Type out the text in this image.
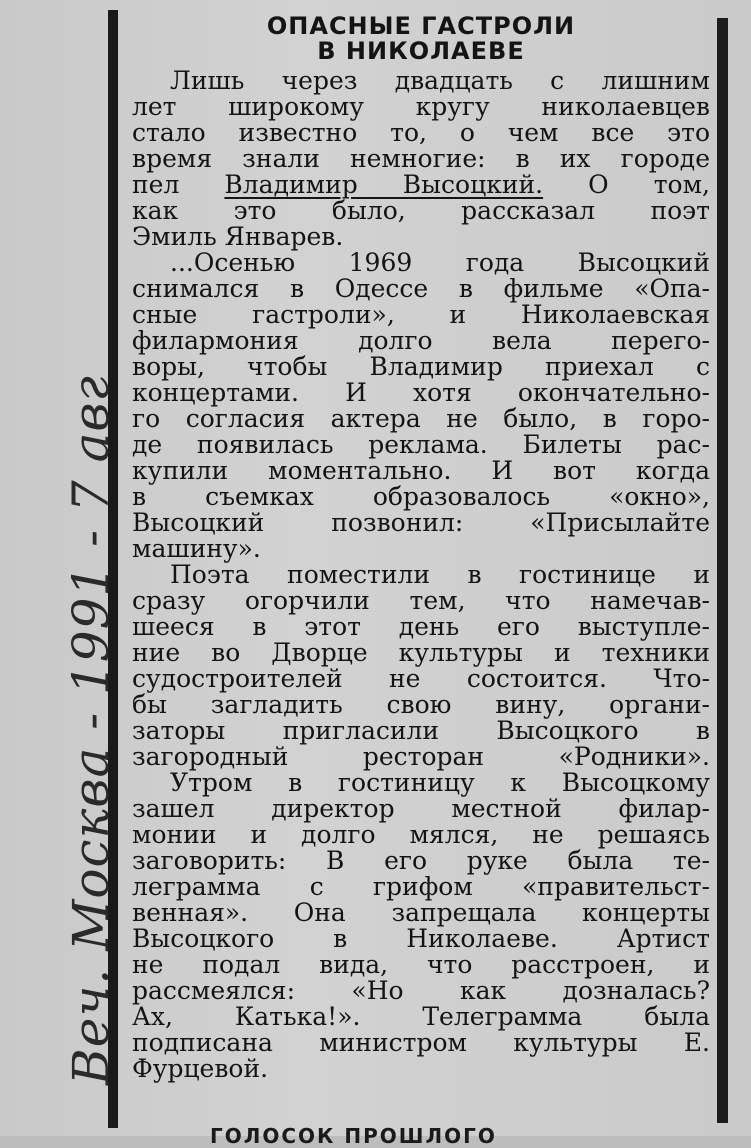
Веч. Москва - 1991 - 7 авг
ОПАСНЫЕ ГАСТРОЛИ
В НИКОЛАЕВЕ
Лишь через двадцать с лишним
лет широкому кругу николаевцев
стало известно то, о чем все это
время знали немногие: в их городе
пел Владимир Высоцкий. О том,
как это было, рассказал поэт
Эмиль Январев.
...Осенью 1969 года Высоцкий
снимался в Одессе в фильме «Опа-
сные гастроли», и Николаевская
филармония долго вела перего-
воры, чтобы Владимир приехал с
концертами. И хотя окончательно-
го согласия актера не было, в горо-
де появилась реклама. Билеты рас-
купили моментально. И вот когда
в съемках образовалось «окно»,
Высоцкий позвонил: «Присылайте
машину».
Поэта поместили в гостинице и
сразу огорчили тем, что намечав-
шееся в этот день его выступле-
ние во Дворце культуры и техники
судостроителей не состоится. Что-
бы загладить свою вину, органи-
заторы пригласили Высоцкого в
загородный ресторан «Родники».
Утром в гостиницу к Высоцкому
зашел директор местной филар-
монии и долго мялся, не решаясь
заговорить: В его руке была те-
леграмма с грифом «правительст-
венная». Она запрещала концерты
Высоцкого в Николаеве. Артист
не подал вида, что расстроен, и
рассмеялся: «Но как дозналась?
Ах, Катька!». Телеграмма была
подписана министром культуры Е.
Фурцевой.
ГОЛОСОК ПРОШЛОГО
